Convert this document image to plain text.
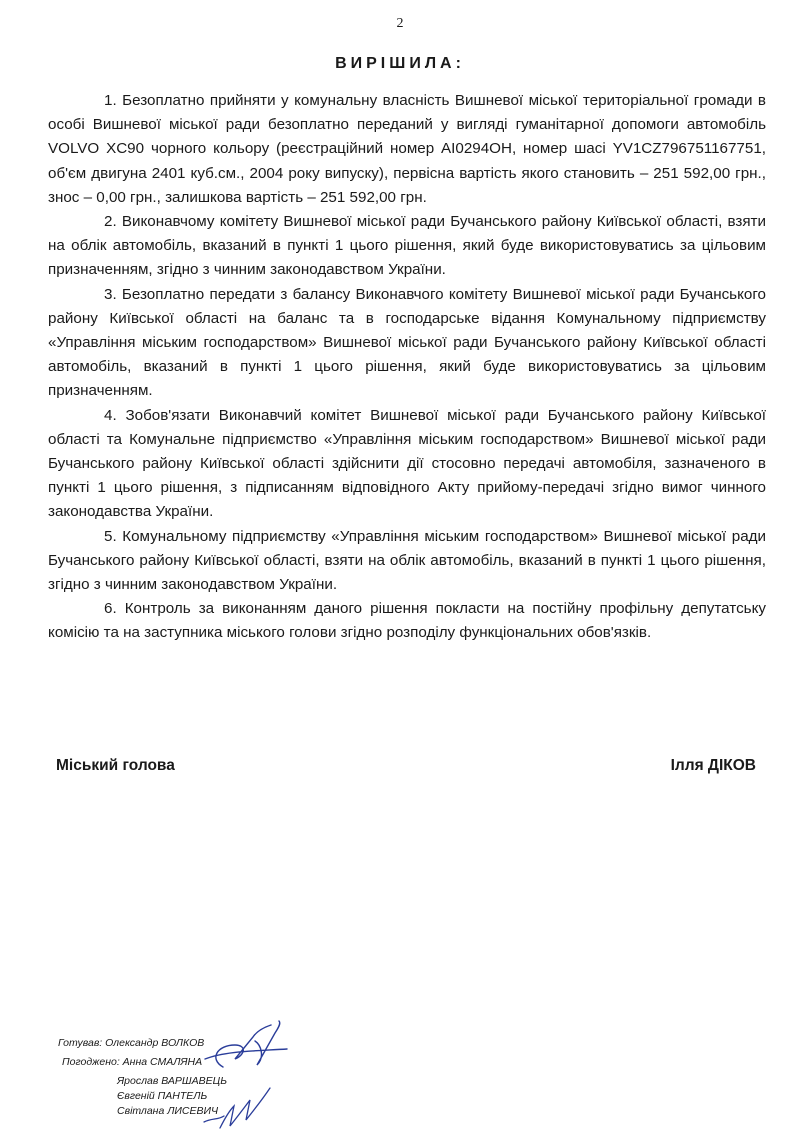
2
ВИРІШИЛА:

1. Безоплатно прийняти у комунальну власність Вишневої міської територіальної громади в особі Вишневої міської ради безоплатно переданий у вигляді гуманітарної допомоги автомобіль VOLVO XC90 чорного кольору (реєстраційний номер АІ0294ОН, номер шасі YV1CZ796751167751, об'єм двигуна 2401 куб.см., 2004 року випуску), первісна вартість якого становить – 251 592,00 грн., знос – 0,00 грн., залишкова вартість – 251 592,00 грн.

2. Виконавчому комітету Вишневої міської ради Бучанського району Київської області, взяти на облік автомобіль, вказаний в пункті 1 цього рішення, який буде використовуватись за цільовим призначенням, згідно з чинним законодавством України.

3. Безоплатно передати з балансу Виконавчого комітету Вишневої міської ради Бучанського району Київської області на баланс та в господарське відання Комунальному підприємству «Управління міським господарством» Вишневої міської ради Бучанського району Київської області автомобіль, вказаний в пункті 1 цього рішення, який буде використовуватись за цільовим призначенням.

4. Зобов'язати Виконавчий комітет Вишневої міської ради Бучанського району Київської області та Комунальне підприємство «Управління міським господарством» Вишневої міської ради Бучанського району Київської області здійснити дії стосовно передачі автомобіля, зазначеного в пункті 1 цього рішення, з підписанням відповідного Акту прийому-передачі згідно вимог чинного законодавства України.

5. Комунальному підприємству «Управління міським господарством» Вишневої міської ради Бучанського району Київської області, взяти на облік автомобіль, вказаний в пункті 1 цього рішення, згідно з чинним законодавством України.

6. Контроль за виконанням даного рішення покласти на постійну профільну депутатську комісію та на заступника міського голови згідно розподілу функціональних обов'язків.

Міський голова	Ілля ДІКОВ
Готував: Олександр ВОЛКОВ
Погоджено: Анна СМАЛЯНА
Ярослав ВАРШАВЕЦЬ
Євгеній ПАНТЕЛЬ
Світлана ЛИСЕВИЧ
